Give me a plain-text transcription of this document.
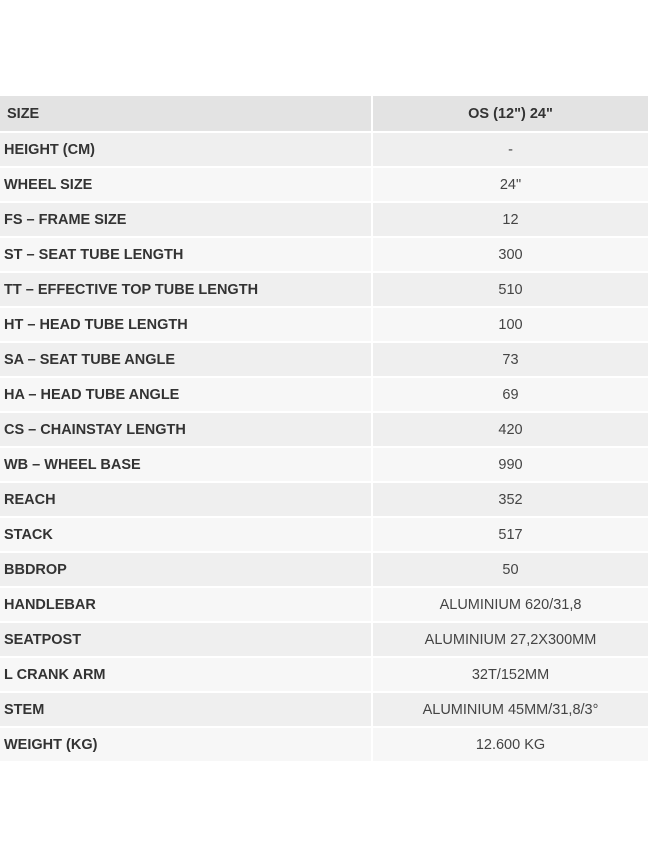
SIZE	OS (12") 24"
HEIGHT (CM)	-
WHEEL SIZE	24"
FS – FRAME SIZE	12
ST – SEAT TUBE LENGTH	300
TT – EFFECTIVE TOP TUBE LENGTH	510
HT – HEAD TUBE LENGTH	100
SA – SEAT TUBE ANGLE	73
HA – HEAD TUBE ANGLE	69
CS – CHAINSTAY LENGTH	420
WB – WHEEL BASE	990
REACH	352
STACK	517
BBDROP	50
HANDLEBAR	ALUMINIUM 620/31,8
SEATPOST	ALUMINIUM 27,2X300MM
L CRANK ARM	32T/152MM
STEM	ALUMINIUM 45MM/31,8/3°
WEIGHT (KG)	12.600 KG
